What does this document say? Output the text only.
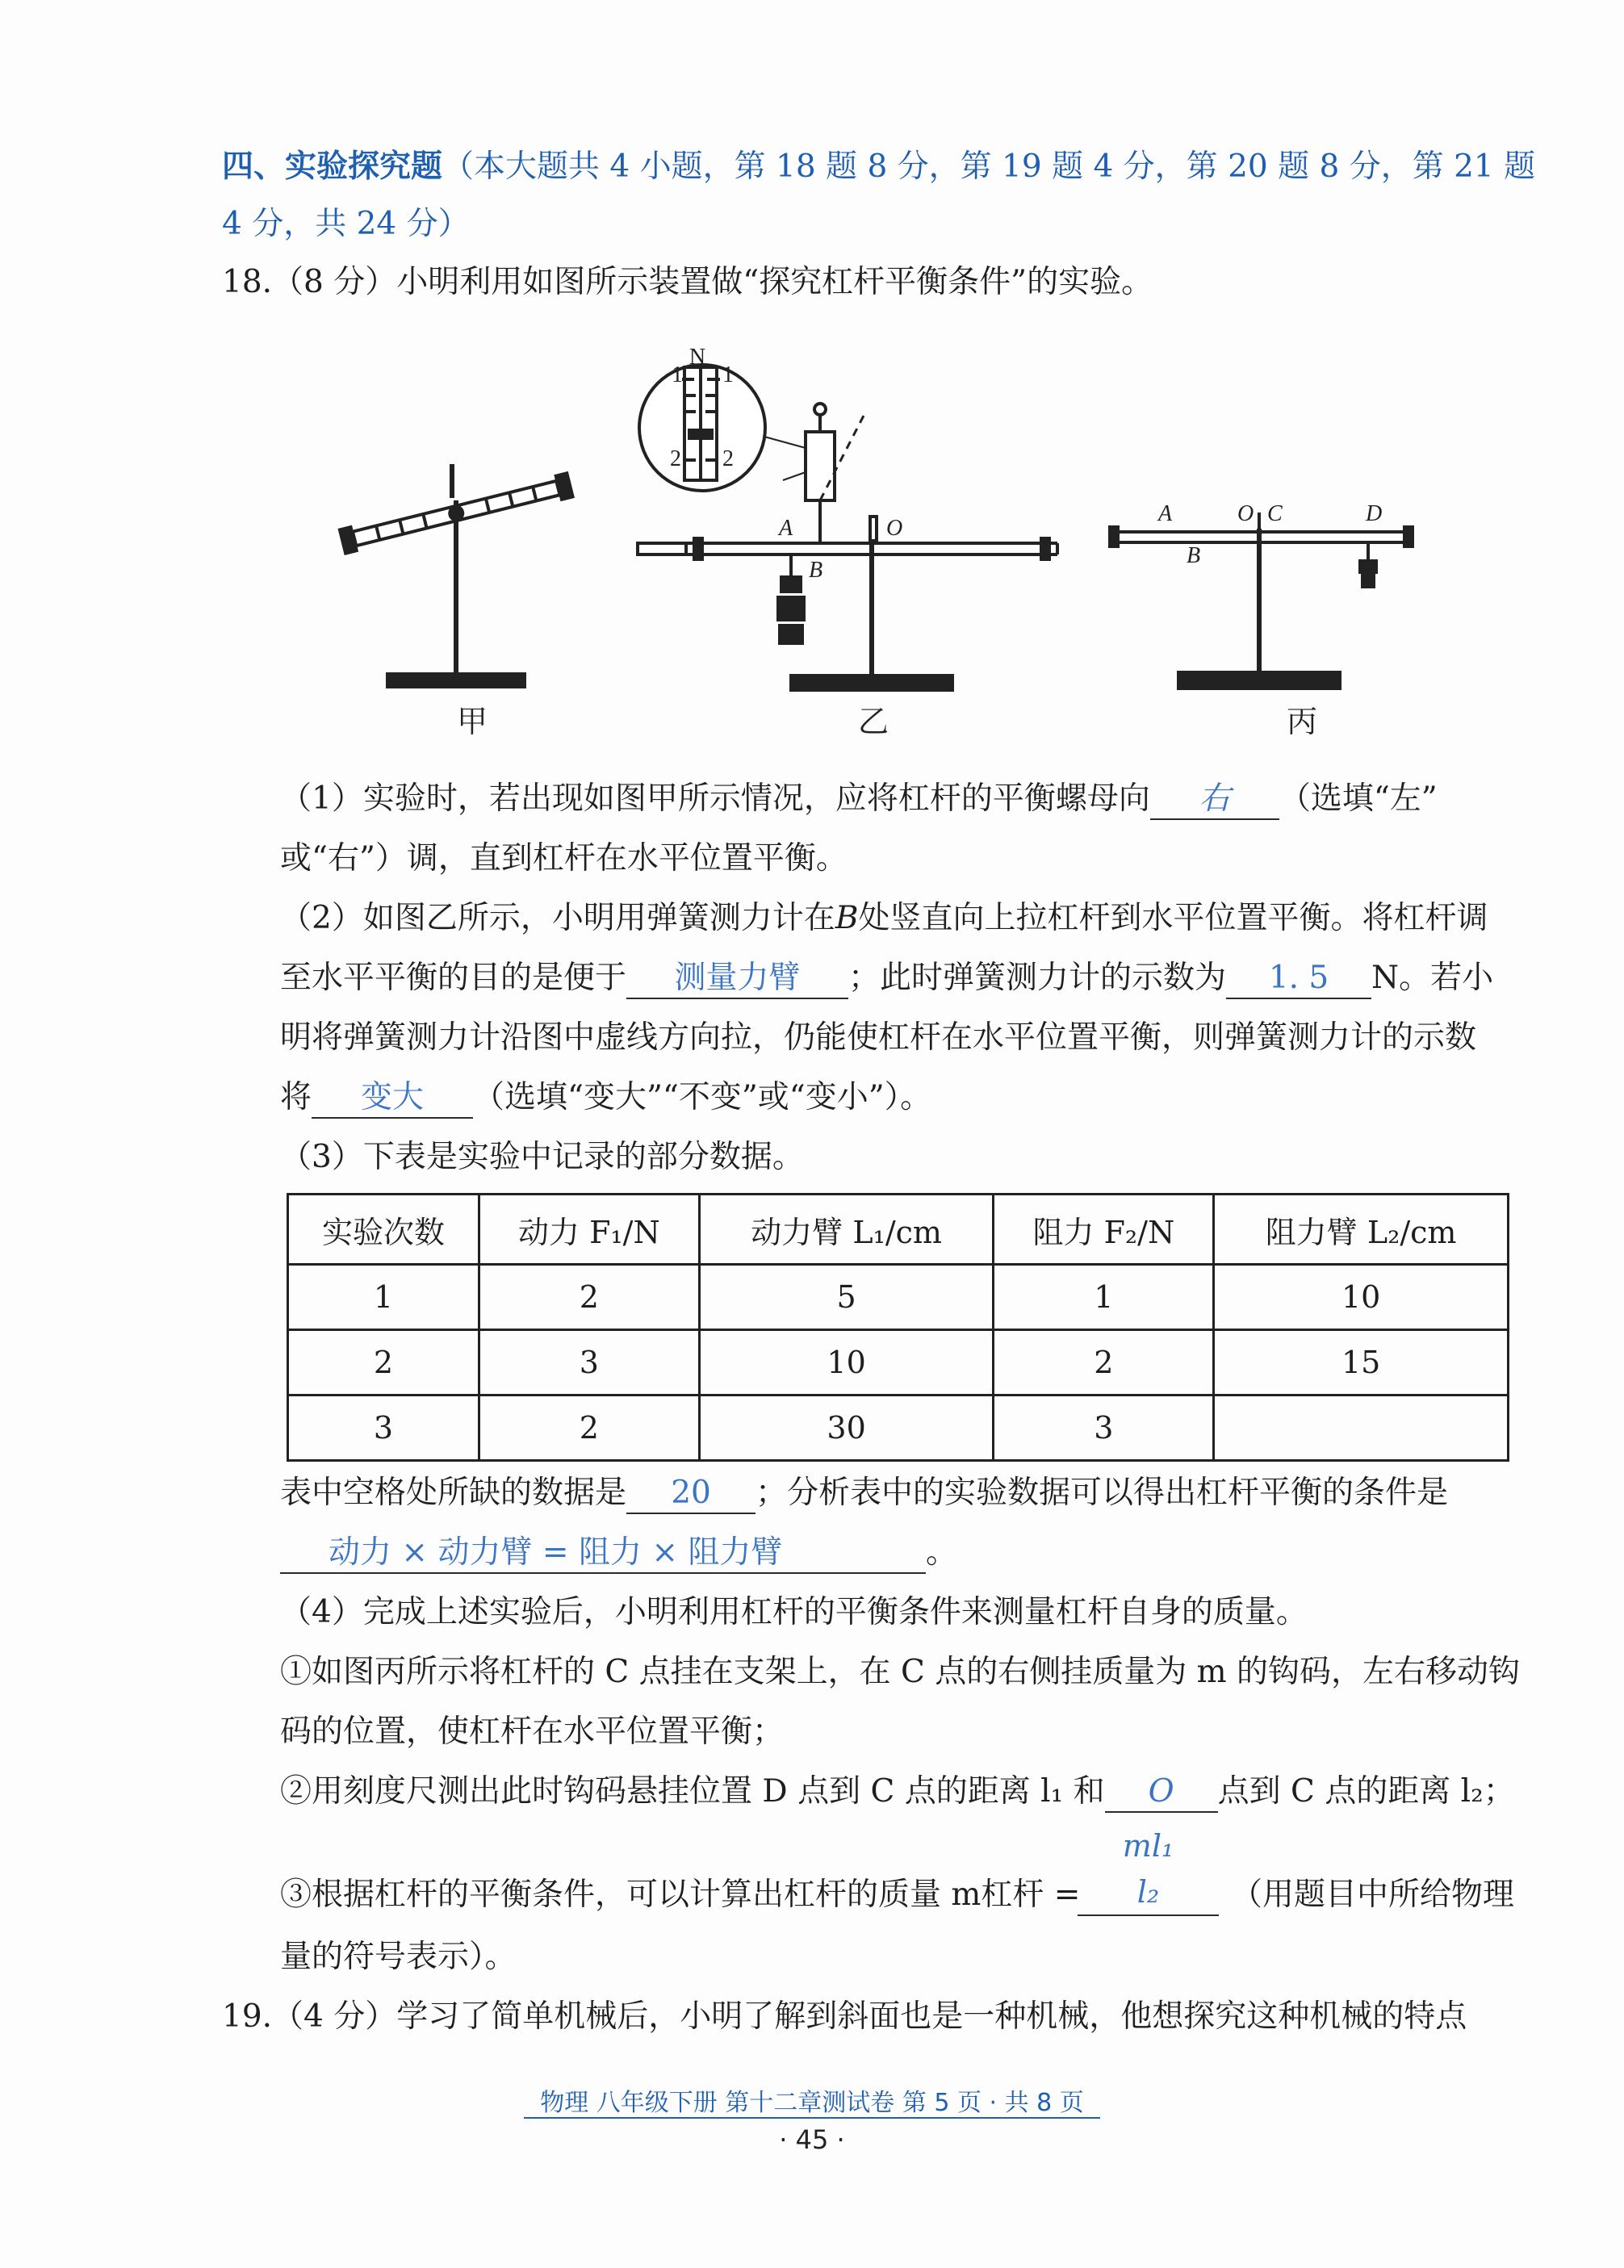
四、实验探究题（本大题共 4 小题，第 18 题 8 分，第 19 题 4 分，第 20 题 8 分，第 21 题
4 分，共 24 分）
18.（8 分）小明利用如图所示装置做“探究杠杆平衡条件”的实验。
N
1 1
2 2
A
B
O
A
B
O C	D
甲	乙	丙
（1）实验时，若出现如图甲所示情况，应将杠杆的平衡螺母向 右 （选填“左”
或“右”）调，直到杠杆在水平位置平衡。
（2）如图乙所示，小明用弹簧测力计在B处竖直向上拉杠杆到水平位置平衡。将杠杆调
至水平平衡的目的是便于 测量力臂 ；此时弹簧测力计的示数为 1. 5 N。若小
明将弹簧测力计沿图中虚线方向拉，仍能使杠杆在水平位置平衡，则弹簧测力计的示数
将 变大 （选填“变大”“不变”或“变小”）。
（3）下表是实验中记录的部分数据。
实验次数	动力 F₁/N	动力臂 L₁/cm	阻力 F₂/N	阻力臂 L₂/cm
1	2	5	1	10
2	3	10	2	15
3	2	30	3	
表中空格处所缺的数据是 20 ；分析表中的实验数据可以得出杠杆平衡的条件是
动力 × 动力臂 = 阻力 × 阻力臂	。
（4）完成上述实验后，小明利用杠杆的平衡条件来测量杠杆自身的质量。
①如图丙所示将杠杆的 C 点挂在支架上，在 C 点的右侧挂质量为 m 的钩码，左右移动钩
码的位置，使杠杆在水平位置平衡；
②用刻度尺测出此时钩码悬挂位置 D 点到 C 点的距离 l₁ 和 O 点到 C 点的距离 l₂；
③根据杠杆的平衡条件，可以计算出杠杆的质量 m杠杆 =
ml₁
l₂	（用题目中所给物理
量的符号表示）。
19.（4 分）学习了简单机械后，小明了解到斜面也是一种机械，他想探究这种机械的特点
物理 八年级下册 第十二章测试卷 第 5 页 · 共 8 页
· 45 ·
